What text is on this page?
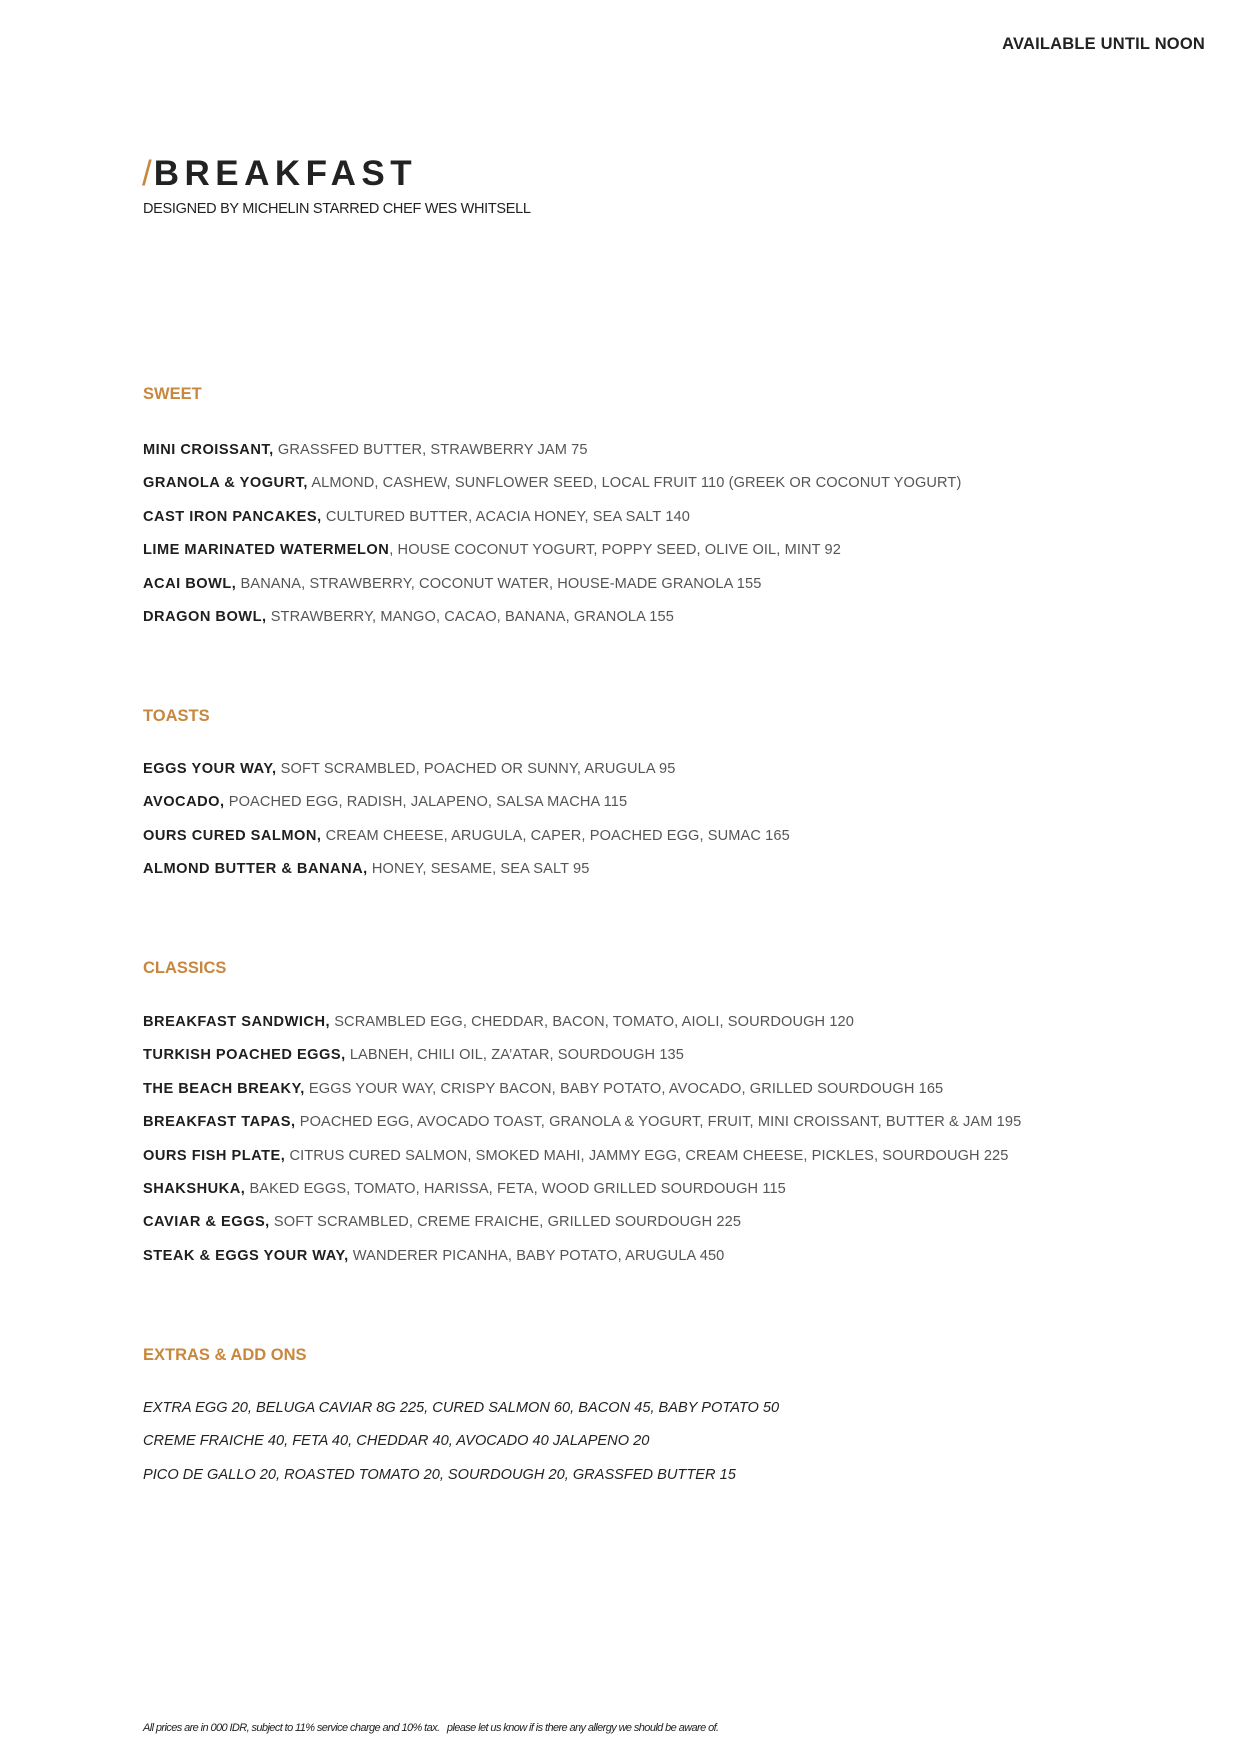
AVAILABLE UNTIL NOON
/BREAKFAST
DESIGNED BY MICHELIN STARRED CHEF WES WHITSELL
SWEET
MINI CROISSANT, GRASSFED BUTTER, STRAWBERRY JAM 75
GRANOLA & YOGURT, ALMOND, CASHEW, SUNFLOWER SEED, LOCAL FRUIT 110 (GREEK OR COCONUT YOGURT)
CAST IRON PANCAKES, CULTURED BUTTER, ACACIA HONEY, SEA SALT 140
LIME MARINATED WATERMELON, HOUSE COCONUT YOGURT, POPPY SEED, OLIVE OIL, MINT 92
ACAI BOWL, BANANA, STRAWBERRY, COCONUT WATER, HOUSE-MADE GRANOLA 155
DRAGON BOWL, STRAWBERRY, MANGO, CACAO, BANANA, GRANOLA 155
TOASTS
EGGS YOUR WAY, SOFT SCRAMBLED, POACHED OR SUNNY, ARUGULA 95
AVOCADO, POACHED EGG, RADISH, JALAPENO, SALSA MACHA 115
OURS CURED SALMON, CREAM CHEESE, ARUGULA, CAPER, POACHED EGG, SUMAC 165
ALMOND BUTTER & BANANA, HONEY, SESAME, SEA SALT 95
CLASSICS
BREAKFAST SANDWICH, SCRAMBLED EGG, CHEDDAR, BACON, TOMATO, AIOLI, SOURDOUGH 120
TURKISH POACHED EGGS, LABNEH, CHILI OIL, ZA’ATAR, SOURDOUGH 135
THE BEACH BREAKY, EGGS YOUR WAY, CRISPY BACON, BABY POTATO, AVOCADO, GRILLED SOURDOUGH 165
BREAKFAST TAPAS, POACHED EGG, AVOCADO TOAST, GRANOLA & YOGURT, FRUIT, MINI CROISSANT, BUTTER & JAM 195
OURS FISH PLATE, CITRUS CURED SALMON, SMOKED MAHI, JAMMY EGG, CREAM CHEESE, PICKLES, SOURDOUGH 225
SHAKSHUKA, BAKED EGGS, TOMATO, HARISSA, FETA, WOOD GRILLED SOURDOUGH 115
CAVIAR & EGGS, SOFT SCRAMBLED, CREME FRAICHE, GRILLED SOURDOUGH 225
STEAK & EGGS YOUR WAY, WANDERER PICANHA, BABY POTATO, ARUGULA 450
EXTRAS & ADD ONS
EXTRA EGG 20, BELUGA CAVIAR 8G 225, CURED SALMON 60, BACON 45, BABY POTATO 50
CREME FRAICHE 40, FETA 40, CHEDDAR 40, AVOCADO 40 JALAPENO 20
PICO DE GALLO 20, ROASTED TOMATO 20, SOURDOUGH 20, GRASSFED BUTTER 15
All prices are in 000 IDR, subject to 11% service charge and 10% tax.   please let us know if is there any allergy we should be aware of.
